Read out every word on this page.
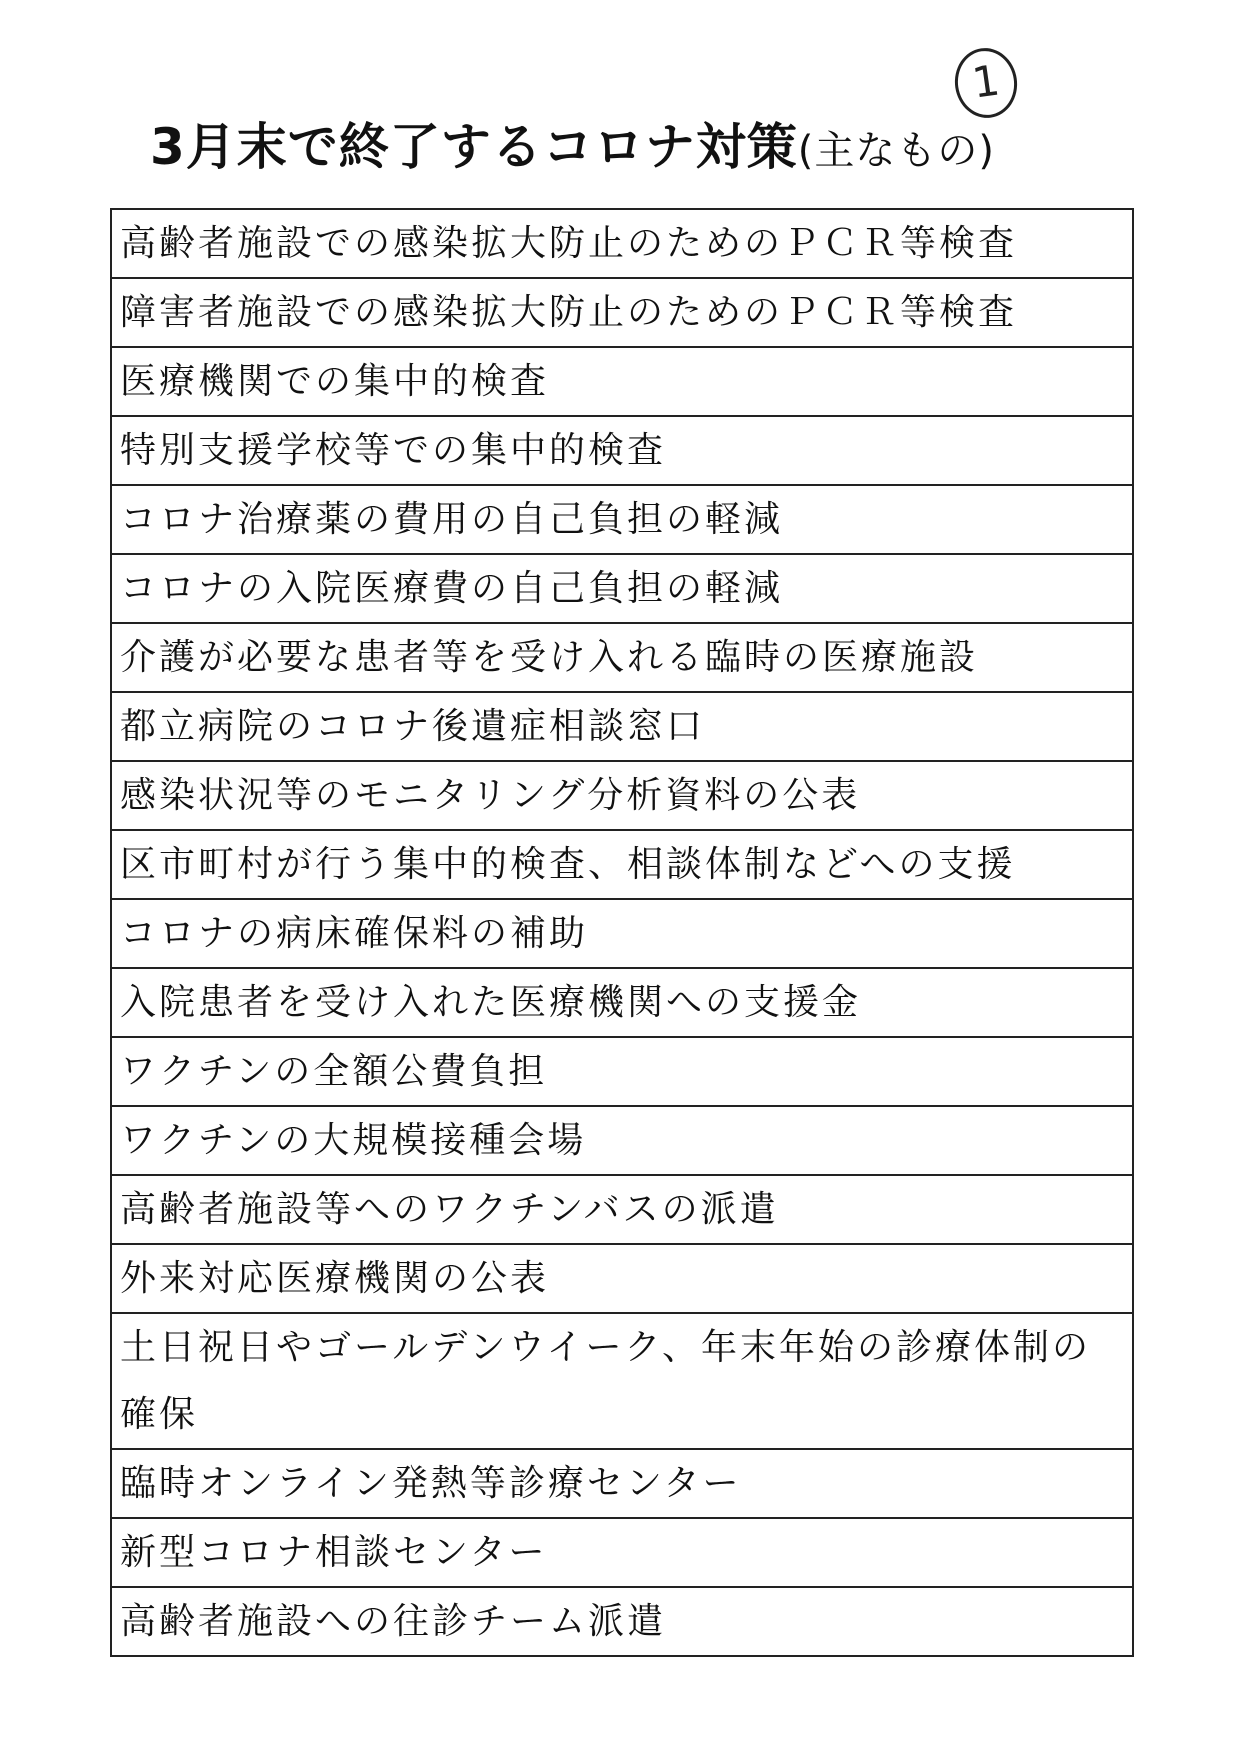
1
3月末で終了するコロナ対策(主なもの)
高齢者施設での感染拡大防止のためのＰＣＲ等検査
障害者施設での感染拡大防止のためのＰＣＲ等検査
医療機関での集中的検査
特別支援学校等での集中的検査
コロナ治療薬の費用の自己負担の軽減
コロナの入院医療費の自己負担の軽減
介護が必要な患者等を受け入れる臨時の医療施設
都立病院のコロナ後遺症相談窓口
感染状況等のモニタリング分析資料の公表
区市町村が行う集中的検査、相談体制などへの支援
コロナの病床確保料の補助
入院患者を受け入れた医療機関への支援金
ワクチンの全額公費負担
ワクチンの大規模接種会場
高齢者施設等へのワクチンバスの派遣
外来対応医療機関の公表
土日祝日やゴールデンウイーク、年末年始の診療体制の確保
臨時オンライン発熱等診療センター
新型コロナ相談センター
高齢者施設への往診チーム派遣
